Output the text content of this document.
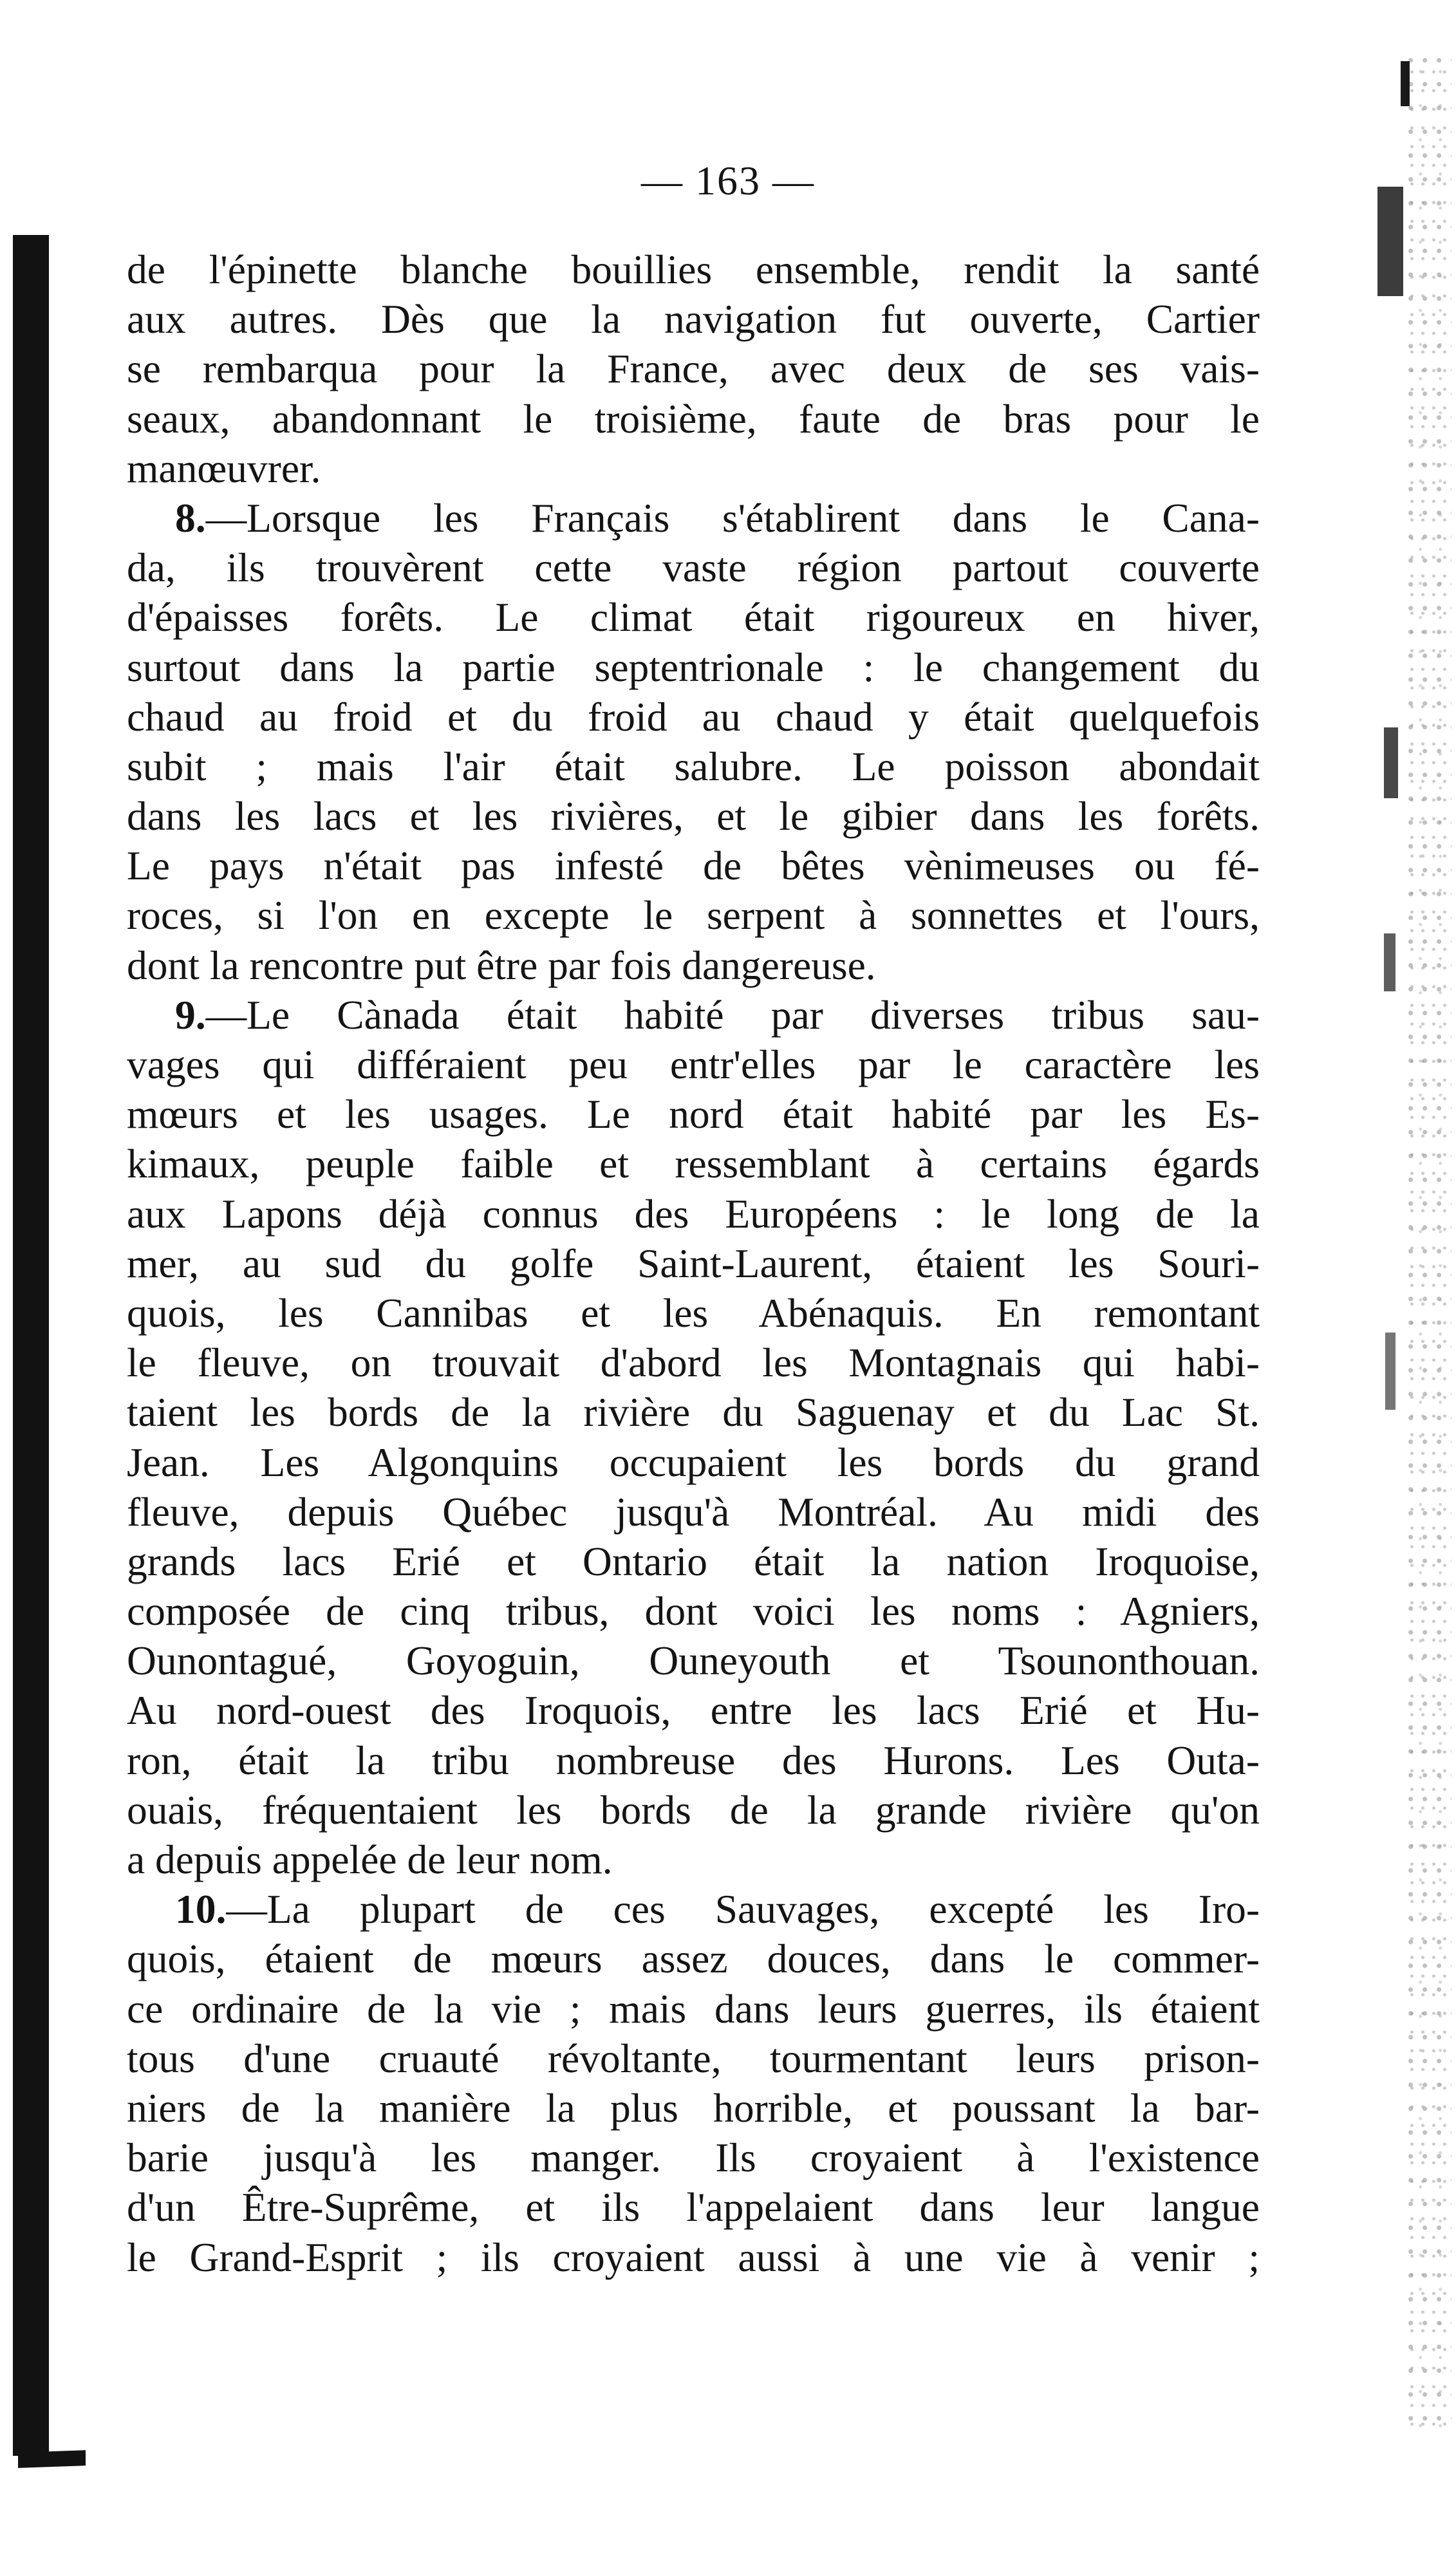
— 163 —
de l'épinette blanche bouillies ensemble, rendit la santé
aux autres. Dès que la navigation fut ouverte, Cartier
se rembarqua pour la France, avec deux de ses vais-
seaux, abandonnant le troisième, faute de bras pour le
manœuvrer.
8.—Lorsque les Français s'établirent dans le Cana-
da, ils trouvèrent cette vaste région partout couverte
d'épaisses forêts. Le climat était rigoureux en hiver,
surtout dans la partie septentrionale : le changement du
chaud au froid et du froid au chaud y était quelquefois
subit ; mais l'air était salubre. Le poisson abondait
dans les lacs et les rivières, et le gibier dans les forêts.
Le pays n'était pas infesté de bêtes vènimeuses ou fé-
roces, si l'on en excepte le serpent à sonnettes et l'ours,
dont la rencontre put être par fois dangereuse.
9.—Le Cànada était habité par diverses tribus sau-
vages qui différaient peu entr'elles par le caractère les
mœurs et les usages. Le nord était habité par les Es-
kimaux, peuple faible et ressemblant à certains égards
aux Lapons déjà connus des Européens : le long de la
mer, au sud du golfe Saint-Laurent, étaient les Souri-
quois, les Cannibas et les Abénaquis. En remontant
le fleuve, on trouvait d'abord les Montagnais qui habi-
taient les bords de la rivière du Saguenay et du Lac St.
Jean. Les Algonquins occupaient les bords du grand
fleuve, depuis Québec jusqu'à Montréal. Au midi des
grands lacs Erié et Ontario était la nation Iroquoise,
composée de cinq tribus, dont voici les noms : Agniers,
Ounontagué, Goyoguin, Ouneyouth et Tsounonthouan.
Au nord-ouest des Iroquois, entre les lacs Erié et Hu-
ron, était la tribu nombreuse des Hurons. Les Outa-
ouais, fréquentaient les bords de la grande rivière qu'on
a depuis appelée de leur nom.
10.—La plupart de ces Sauvages, excepté les Iro-
quois, étaient de mœurs assez douces, dans le commer-
ce ordinaire de la vie ; mais dans leurs guerres, ils étaient
tous d'une cruauté révoltante, tourmentant leurs prison-
niers de la manière la plus horrible, et poussant la bar-
barie jusqu'à les manger. Ils croyaient à l'existence
d'un Être-Suprême, et ils l'appelaient dans leur langue
le Grand-Esprit ; ils croyaient aussi à une vie à venir ;
